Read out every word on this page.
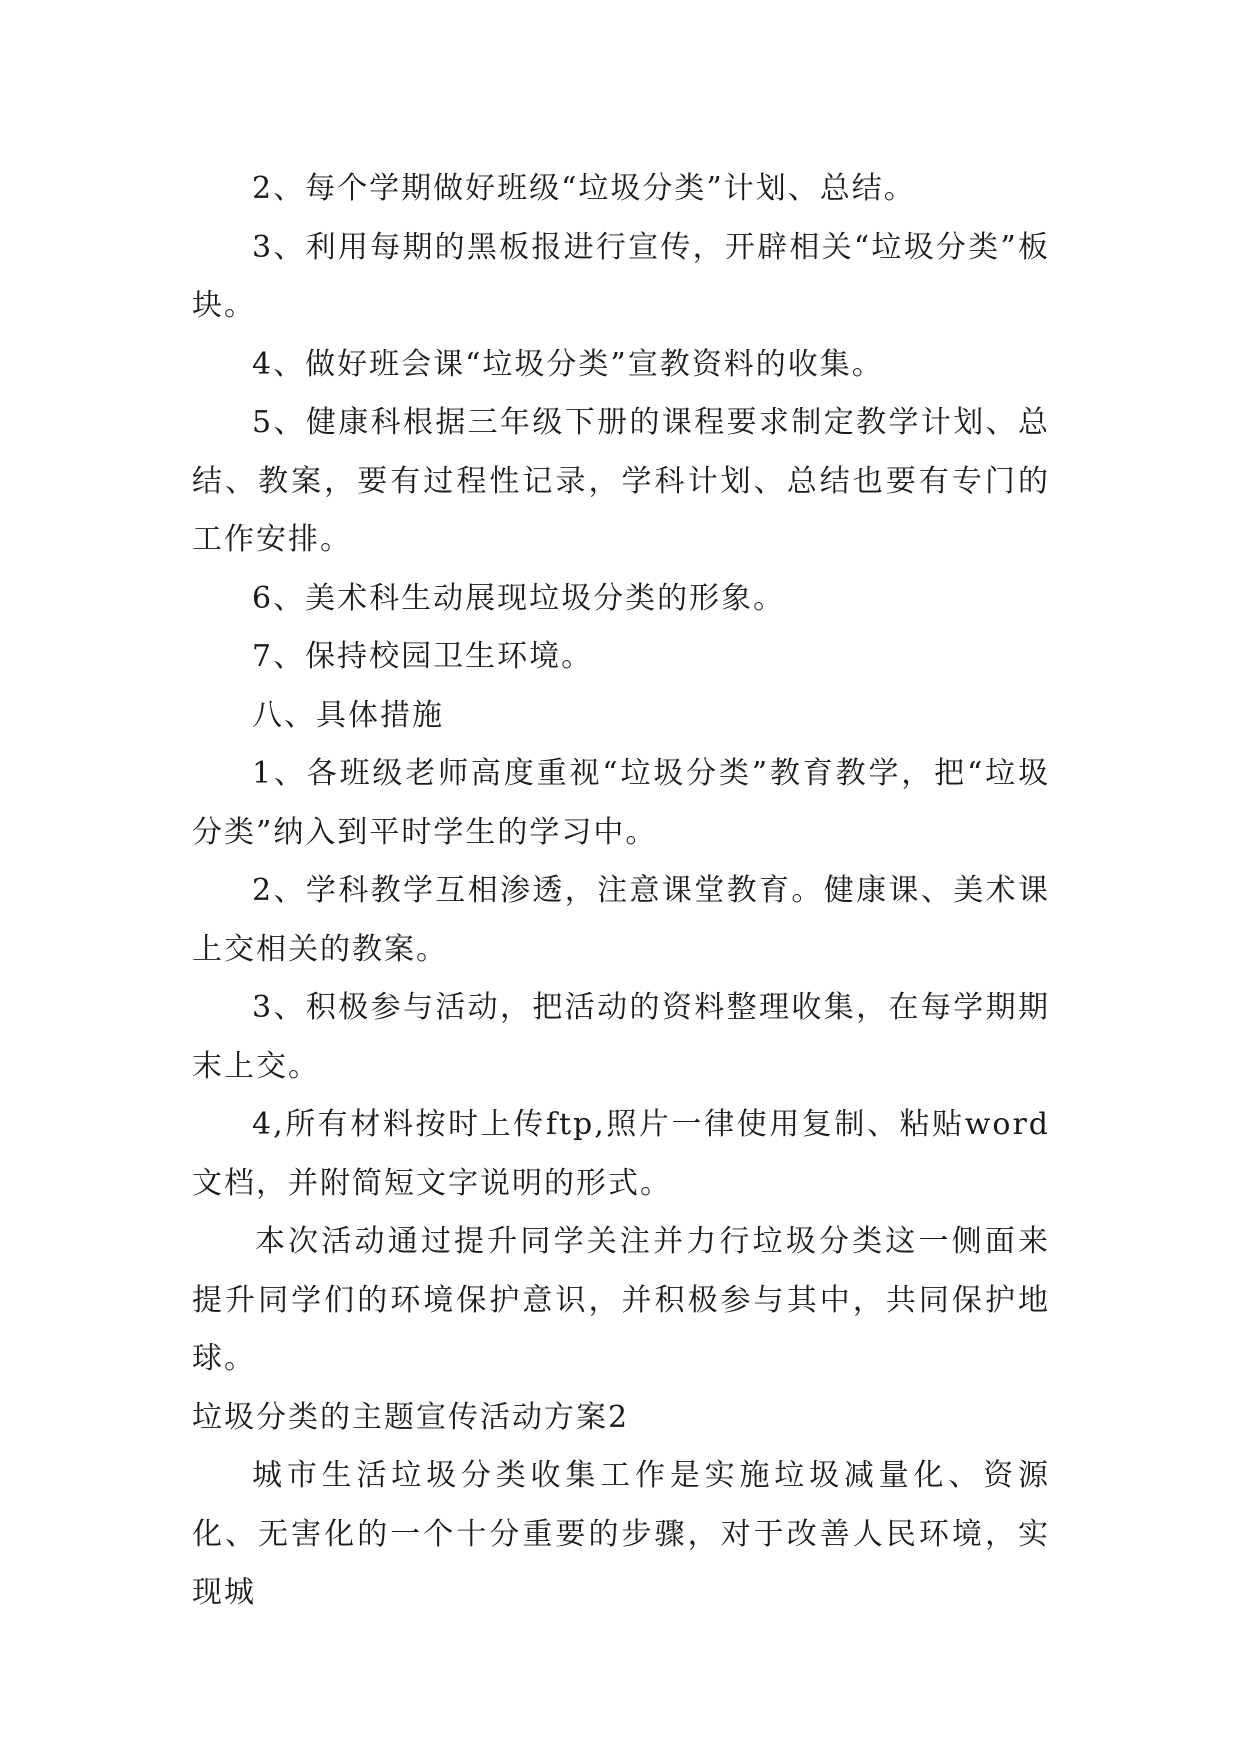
2、每个学期做好班级“垃圾分类”计划、总结。

3、利用每期的黑板报进行宣传，开辟相关“垃圾分类”板块。

4、做好班会课“垃圾分类”宣教资料的收集。

5、健康科根据三年级下册的课程要求制定教学计划、总结、教案，要有过程性记录，学科计划、总结也要有专门的工作安排。

6、美术科生动展现垃圾分类的形象。

7、保持校园卫生环境。

八、具体措施

1、各班级老师高度重视“垃圾分类”教育教学，把“垃圾分类”纳入到平时学生的学习中。

2、学科教学互相渗透，注意课堂教育。健康课、美术课上交相关的教案。

3、积极参与活动，把活动的资料整理收集，在每学期期末上交。

4,所有材料按时上传ftp,照片一律使用复制、粘贴word文档，并附简短文字说明的形式。

本次活动通过提升同学关注并力行垃圾分类这一侧面来提升同学们的环境保护意识，并积极参与其中，共同保护地球。

垃圾分类的主题宣传活动方案2

城市生活垃圾分类收集工作是实施垃圾减量化、资源化、无害化的一个十分重要的步骤，对于改善人民环境，实现城
